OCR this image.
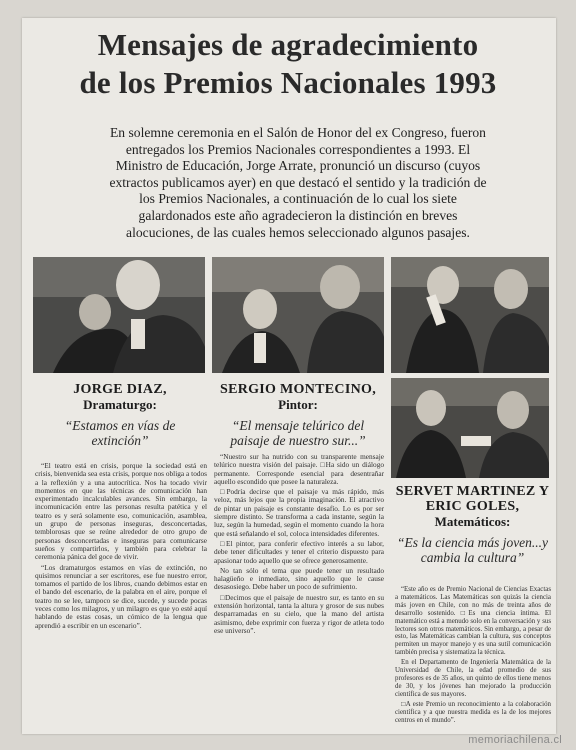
Mensajes de agradecimiento
de los Premios Nacionales 1993
En solemne ceremonia en el Salón de Honor del ex Congreso, fueron entregados los Premios Nacionales correspondientes a 1993. El Ministro de Educación, Jorge Arrate, pronunció un discurso (cuyos extractos publicamos ayer) en que destacó el sentido y la tradición de los Premios Nacionales, a continuación de lo cual los siete galardonados este año agradecieron la distinción en breves alocuciones, de las cuales hemos seleccionado algunos pasajes.
JORGE DIAZ,
Dramaturgo:
“Estamos en vías de extinción”

“El teatro está en crisis, porque la sociedad está en crisis, bienvenida sea esta crisis, porque nos obliga a todos a la reflexión y a una autocrítica. Nos ha tocado vivir momentos en que las técnicas de comunicación han experimentado incalculables avances. Sin embargo, la incomunicación entre las personas resulta patética y el teatro es y será solamente eso, comunicación, asamblea, un grupo de personas inseguras, desconcertadas, temblorosas que se reúne alrededor de otro grupo de personas desconcertadas e inseguras para comunicarse sueños y compartirlos, y también para celebrar la ceremonia pánica del goce de vivir.

“Los dramaturgos estamos en vías de extinción, no quisimos renunciar a ser escritores, ese fue nuestro error, tomamos el partido de los libros, cuando debimos estar en el bando del escenario, de la palabra en el aire, porque el teatro no se lee, tampoco se dice, sucede, y sucede pocas veces como los milagros, y un milagro es que yo esté aquí hablando de estas cosas, un cómico de la lengua que aprendió a escribir en un escenario”.

SERGIO MONTECINO,
Pintor:
“El mensaje telúrico del paisaje de nuestro sur...”

“Nuestro sur ha nutrido con su transparente mensaje telúrico nuestra visión del paisaje. □Ha sido un diálogo permanente. Corresponde esencial para desentrañar aquello escondido que posee la naturaleza.

□Podría decirse que el paisaje va más rápido, más veloz, más lejos que la propia imaginación. El atractivo de pintar un paisaje es constante desafío. Lo es por ser siempre distinto. Se transforma a cada instante, según la luz, según la humedad, según el momento cuando la hora que está señalando el sol, coloca intensidades diferentes.

□El pintor, para conferir efectivo interés a su labor, debe tener dificultades y tener el criterio dispuesto para apasionar todo aquello que se ofrece generosamente.

No tan sólo el tema que puede tener un resultado halagüeño e inmediato, sino aquello que le cause desasosiego. Debe haber un poco de sufrimiento.

□Decimos que el paisaje de nuestro sur, es tanto en su extensión horizontal, tanta la altura y grosor de sus nubes desparramadas en su cielo, que la mano del artista asimismo, debe exprimir con fuerza y rigor de atleta todo ese universo”.

SERVET MARTINEZ Y ERIC GOLES,
Matemáticos:
“Es la ciencia más joven...y cambia la cultura”

“Este año es de Premio Nacional de Ciencias Exactas a matemáticos. Las Matemáticas son quizás la ciencia más joven en Chile, con no más de treinta años de desarrollo sostenido. □Es una ciencia íntima. El matemático está a menudo solo en la conversación y sus lectores son otros matemáticos. Sin embargo, a pesar de esto, las Matemáticas cambian la cultura, sus conceptos permiten un mayor manejo y es una sutil comunicación también precisa y sistematiza la técnica.

En el Departamento de Ingeniería Matemática de la Universidad de Chile, la edad promedio de sus profesores es de 35 años, un quinto de ellos tiene menos de 30, y los jóvenes han mejorado la producción científica de sus mayores.

□A este Premio un reconocimiento a la colaboración científica y a que nuestra medida es la de los mejores centros en el mundo”.

memoriachilena.cl
